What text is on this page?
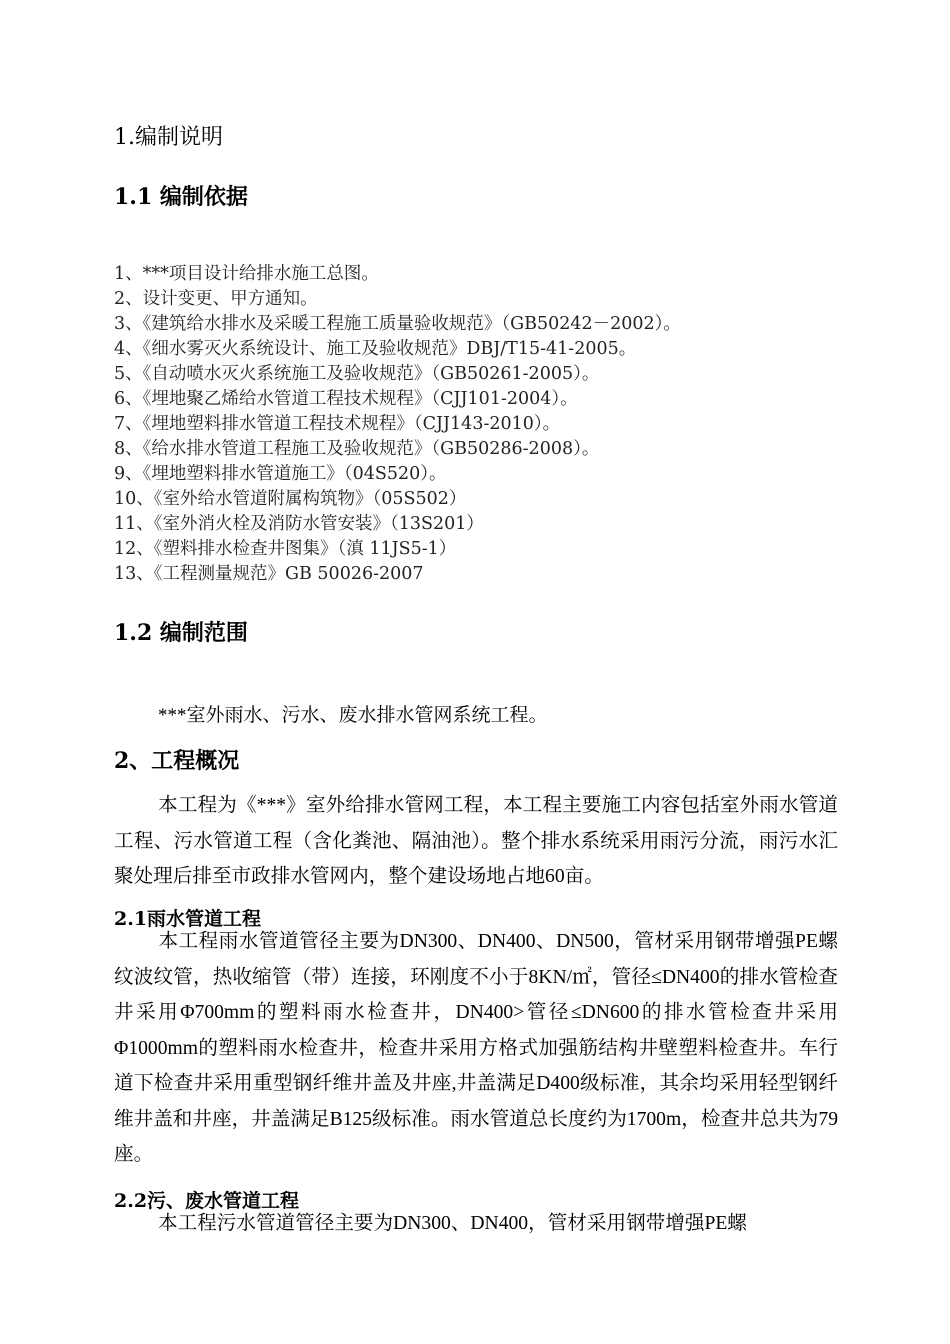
1.编制说明
1.1 编制依据
1、***项目设计给排水施工总图。
2、设计变更、甲方通知。
3、《建筑给水排水及采暖工程施工质量验收规范》（GB50242－2002）。
4、《细水雾灭火系统设计、施工及验收规范》DBJ/T15-41-2005。
5、《自动喷水灭火系统施工及验收规范》（GB50261-2005）。
6、《埋地聚乙烯给水管道工程技术规程》（CJJ101-2004）。
7、《埋地塑料排水管道工程技术规程》（CJJ143-2010）。
8、《给水排水管道工程施工及验收规范》（GB50286-2008）。
9、《埋地塑料排水管道施工》（04S520）。
10、《室外给水管道附属构筑物》（05S502）
11、《室外消火栓及消防水管安装》（13S201）
12、《塑料排水检查井图集》（滇 11JS5-1）
13、《工程测量规范》GB 50026-2007
1.2 编制范围
***室外雨水、污水、废水排水管网系统工程。
2、工程概况

本工程为《***》室外给排水管网工程，本工程主要施工内容包括室外雨水管道工程、污水管道工程（含化粪池、隔油池）。整个排水系统采用雨污分流，雨污水汇聚处理后排至市政排水管网内，整个建设场地占地60亩。

2.1雨水管道工程

本工程雨水管道管径主要为DN300、DN400、DN500，管材采用钢带增强PE螺纹波纹管，热收缩管（带）连接，环刚度不小于8KN/㎡，管径≤DN400的排水管检查井采用Φ700mm的塑料雨水检查井，DN400>管径≤DN600的排水管检查井采用Φ1000mm的塑料雨水检查井，检查井采用方格式加强筋结构井壁塑料检查井。车行道下检查井采用重型钢纤维井盖及井座,井盖满足D400级标准，其余均采用轻型钢纤维井盖和井座，井盖满足B125级标准。雨水管道总长度约为1700m，检查井总共为79座。

2.2污、废水管道工程

本工程污水管道管径主要为DN300、DN400，管材采用钢带增强PE螺
